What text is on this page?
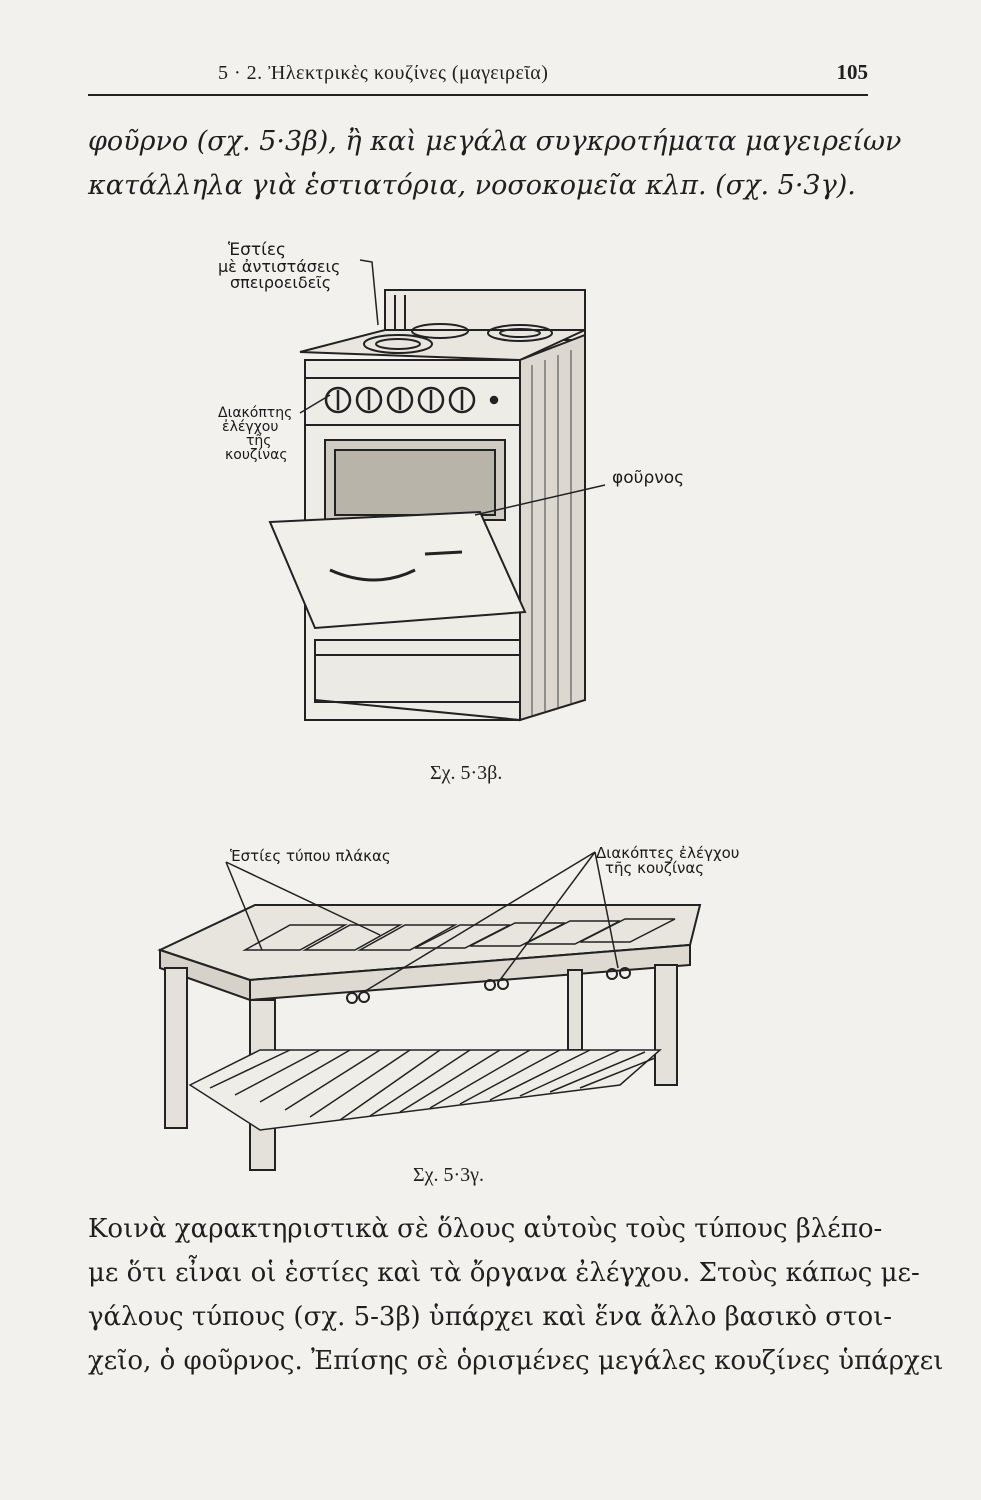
5 · 2. Ἠλεκτρικὲς κουζίνες (μαγειρεῖα)	105
φοῦρνο (σχ. 5·3β), ἢ καὶ μεγάλα συγκροτήματα μαγειρείων
κατάλληλα γιὰ ἑστιατόρια, νοσοκομεῖα κλπ. (σχ. 5·3γ).
Ἑστίες
μὲ ἀντιστάσεις
σπειροειδεῖς
Διακόπτης
ἐλέγχου
τῆς
κουζίνας
φοῦρνος
Σχ. 5·3β.
Ἑστίες τύπου πλάκας	Διακόπτες ἐλέγχου
τῆς κουζίνας
Σχ. 5·3γ.
Κοινὰ χαρακτηριστικὰ σὲ ὅλους αὐτοὺς τοὺς τύπους βλέπο-
με ὅτι εἶναι οἱ ἑστίες καὶ τὰ ὄργανα ἐλέγχου. Στοὺς κάπως με-
γάλους τύπους (σχ. 5-3β) ὑπάρχει καὶ ἕνα ἄλλο βασικὸ στοι-
χεῖο, ὁ φοῦρνος. Ἐπίσης σὲ ὁρισμένες μεγάλες κουζίνες ὑπάρχει
